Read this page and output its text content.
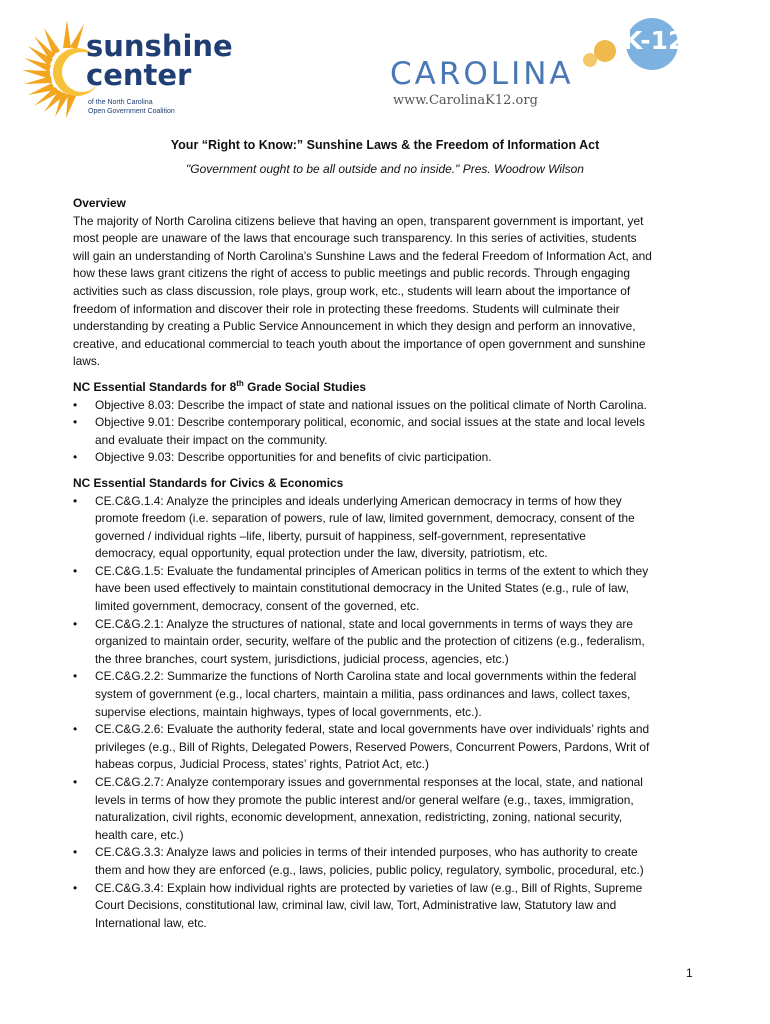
sunshine
center
of the North Carolina
Open Government Coalition
K-12
CAROLINA
www.CarolinaK12.org
Your “Right to Know:” Sunshine Laws & the Freedom of Information Act
"Government ought to be all outside and no inside." Pres. Woodrow Wilson

Overview

The majority of North Carolina citizens believe that having an open, transparent government is important, yet
most people are unaware of the laws that encourage such transparency. In this series of activities, students
will gain an understanding of North Carolina’s Sunshine Laws and the federal Freedom of Information Act, and
how these laws grant citizens the right of access to public meetings and public records. Through engaging
activities such as class discussion, role plays, group work, etc., students will learn about the importance of
freedom of information and discover their role in protecting these freedoms. Students will culminate their
understanding by creating a Public Service Announcement in which they design and perform an innovative,
creative, and educational commercial to teach youth about the importance of open government and sunshine
laws.

NC Essential Standards for 8th Grade Social Studies

• Objective 8.03: Describe the impact of state and national issues on the political climate of North Carolina.
• Objective 9.01: Describe contemporary political, economic, and social issues at the state and local levels
and evaluate their impact on the community.
• Objective 9.03: Describe opportunities for and benefits of civic participation.

NC Essential Standards for Civics & Economics

• CE.C&G.1.4: Analyze the principles and ideals underlying American democracy in terms of how they
promote freedom (i.e. separation of powers, rule of law, limited government, democracy, consent of the
governed / individual rights –life, liberty, pursuit of happiness, self-government, representative
democracy, equal opportunity, equal protection under the law, diversity, patriotism, etc.
• CE.C&G.1.5: Evaluate the fundamental principles of American politics in terms of the extent to which they
have been used effectively to maintain constitutional democracy in the United States (e.g., rule of law,
limited government, democracy, consent of the governed, etc.
• CE.C&G.2.1: Analyze the structures of national, state and local governments in terms of ways they are
organized to maintain order, security, welfare of the public and the protection of citizens (e.g., federalism,
the three branches, court system, jurisdictions, judicial process, agencies, etc.)
• CE.C&G.2.2: Summarize the functions of North Carolina state and local governments within the federal
system of government (e.g., local charters, maintain a militia, pass ordinances and laws, collect taxes,
supervise elections, maintain highways, types of local governments, etc.).
• CE.C&G.2.6: Evaluate the authority federal, state and local governments have over individuals’ rights and
privileges (e.g., Bill of Rights, Delegated Powers, Reserved Powers, Concurrent Powers, Pardons, Writ of
habeas corpus, Judicial Process, states’ rights, Patriot Act, etc.)
• CE.C&G.2.7: Analyze contemporary issues and governmental responses at the local, state, and national
levels in terms of how they promote the public interest and/or general welfare (e.g., taxes, immigration,
naturalization, civil rights, economic development, annexation, redistricting, zoning, national security,
health care, etc.)
• CE.C&G.3.3: Analyze laws and policies in terms of their intended purposes, who has authority to create
them and how they are enforced (e.g., laws, policies, public policy, regulatory, symbolic, procedural, etc.)
• CE.C&G.3.4: Explain how individual rights are protected by varieties of law (e.g., Bill of Rights, Supreme
Court Decisions, constitutional law, criminal law, civil law, Tort, Administrative law, Statutory law and
International law, etc.
1
